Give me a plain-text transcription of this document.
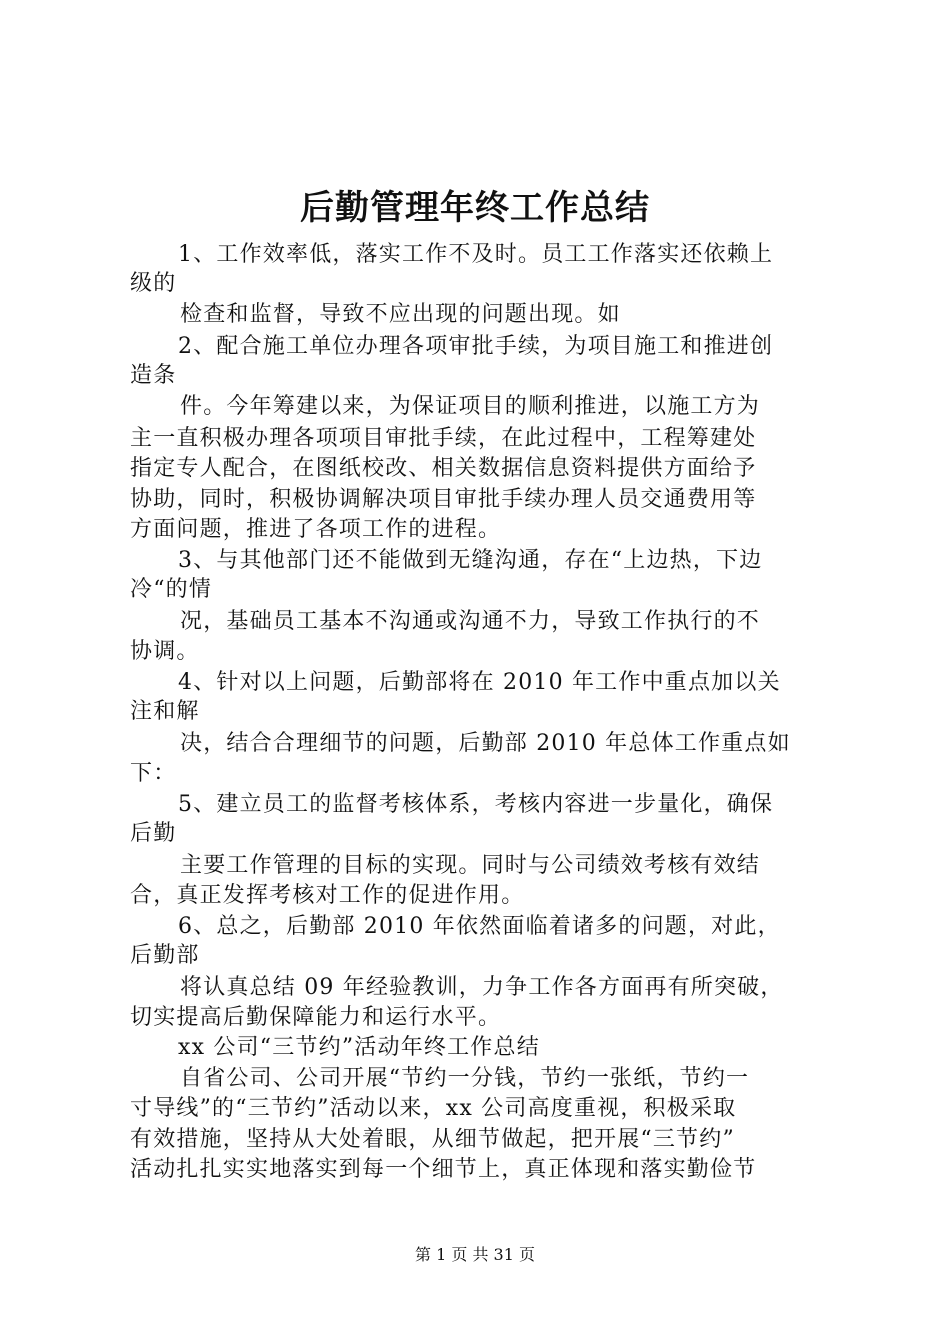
后勤管理年终工作总结
1、工作效率低，落实工作不及时。员工工作落实还依赖上
级的
检查和监督，导致不应出现的问题出现。如
2、配合施工单位办理各项审批手续，为项目施工和推进创
造条
件。今年筹建以来，为保证项目的顺利推进，以施工方为
主一直积极办理各项项目审批手续，在此过程中，工程筹建处
指定专人配合，在图纸校改、相关数据信息资料提供方面给予
协助，同时，积极协调解决项目审批手续办理人员交通费用等
方面问题，推进了各项工作的进程。
3、与其他部门还不能做到无缝沟通，存在“上边热，下边
冷“的情
况，基础员工基本不沟通或沟通不力，导致工作执行的不
协调。
4、针对以上问题，后勤部将在 2010 年工作中重点加以关
注和解
决，结合合理细节的问题，后勤部 2010 年总体工作重点如
下：
5、建立员工的监督考核体系，考核内容进一步量化，确保
后勤
主要工作管理的目标的实现。同时与公司绩效考核有效结
合，真正发挥考核对工作的促进作用。
6、总之，后勤部 2010 年依然面临着诸多的问题，对此，
后勤部
将认真总结 09 年经验教训，力争工作各方面再有所突破，
切实提高后勤保障能力和运行水平。
xx 公司“三节约”活动年终工作总结
自省公司、公司开展“节约一分钱，节约一张纸，节约一
寸导线”的“三节约”活动以来，xx 公司高度重视，积极采取
有效措施，坚持从大处着眼，从细节做起，把开展“三节约”
活动扎扎实实地落实到每一个细节上，真正体现和落实勤俭节
第 1 页 共 31 页
